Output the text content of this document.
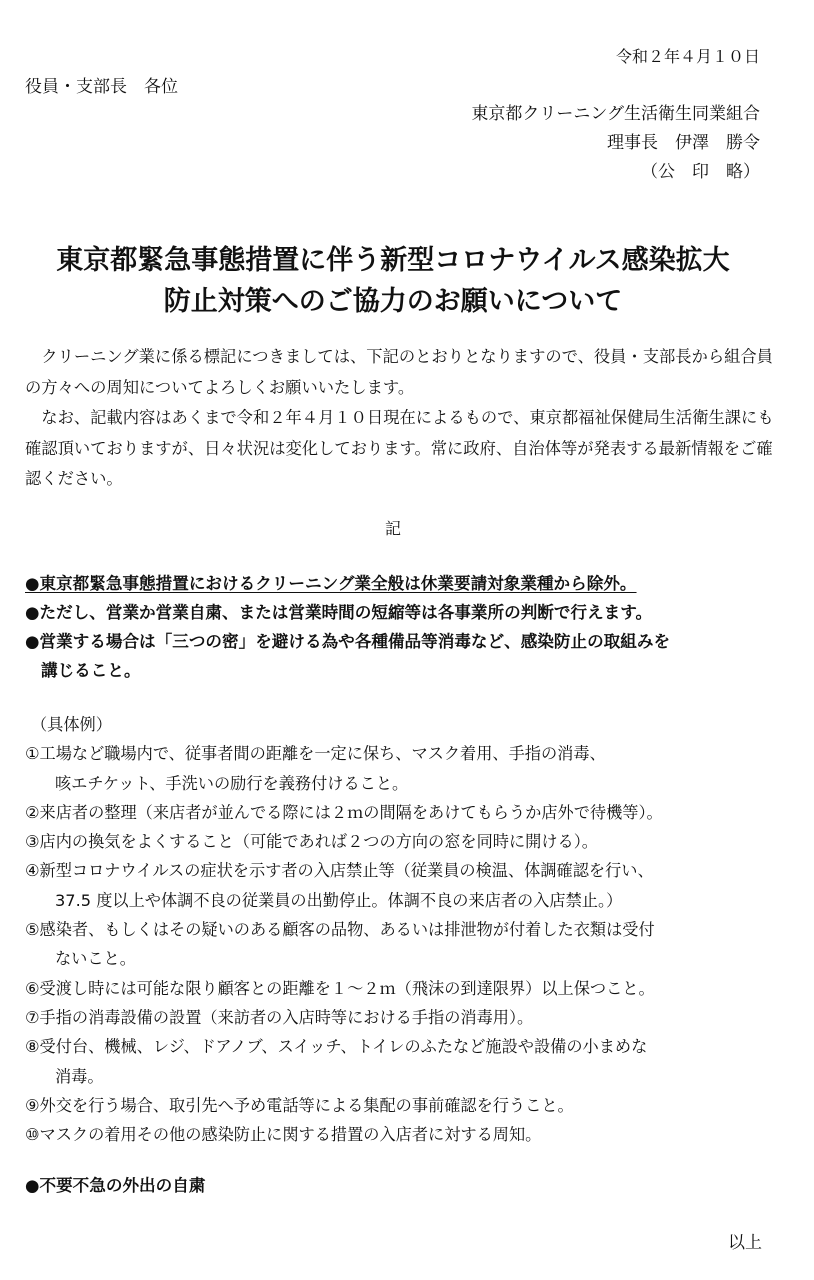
令和２年４月１０日
役員・支部長　各位
東京都クリーニング生活衛生同業組合
理事長　伊澤　勝令
（公　印　略）
東京都緊急事態措置に伴う新型コロナウイルス感染拡大
防止対策へのご協力のお願いについて

　クリーニング業に係る標記につきましては、下記のとおりとなりますので、役員・支部長から組合員の方々への周知についてよろしくお願いいたします。

　なお、記載内容はあくまで令和２年４月１０日現在によるもので、東京都福祉保健局生活衛生課にも確認頂いておりますが、日々状況は変化しております。常に政府、自治体等が発表する最新情報をご確認ください。

記
●東京都緊急事態措置におけるクリーニング業全般は休業要請対象業種から除外。
●ただし、営業か営業自粛、または営業時間の短縮等は各事業所の判断で行えます。
●営業する場合は「三つの密」を避ける為や各種備品等消毒など、感染防止の取組みを
講じること。
（具体例）
①工場など職場内で、従事者間の距離を一定に保ち、マスク着用、手指の消毒、
咳エチケット、手洗いの励行を義務付けること。
②来店者の整理（来店者が並んでる際には２ｍの間隔をあけてもらうか店外で待機等）。
③店内の換気をよくすること（可能であれば２つの方向の窓を同時に開ける）。
④新型コロナウイルスの症状を示す者の入店禁止等（従業員の検温、体調確認を行い、
37.5 度以上や体調不良の従業員の出勤停止。体調不良の来店者の入店禁止。）
⑤感染者、もしくはその疑いのある顧客の品物、あるいは排泄物が付着した衣類は受付
ないこと。
⑥受渡し時には可能な限り顧客との距離を１～２ｍ（飛沫の到達限界）以上保つこと。
⑦手指の消毒設備の設置（来訪者の入店時等における手指の消毒用）。
⑧受付台、機械、レジ、ドアノブ、スイッチ、トイレのふたなど施設や設備の小まめな
消毒。
⑨外交を行う場合、取引先へ予め電話等による集配の事前確認を行うこと。
⑩マスクの着用その他の感染防止に関する措置の入店者に対する周知。
●不要不急の外出の自粛
以上
